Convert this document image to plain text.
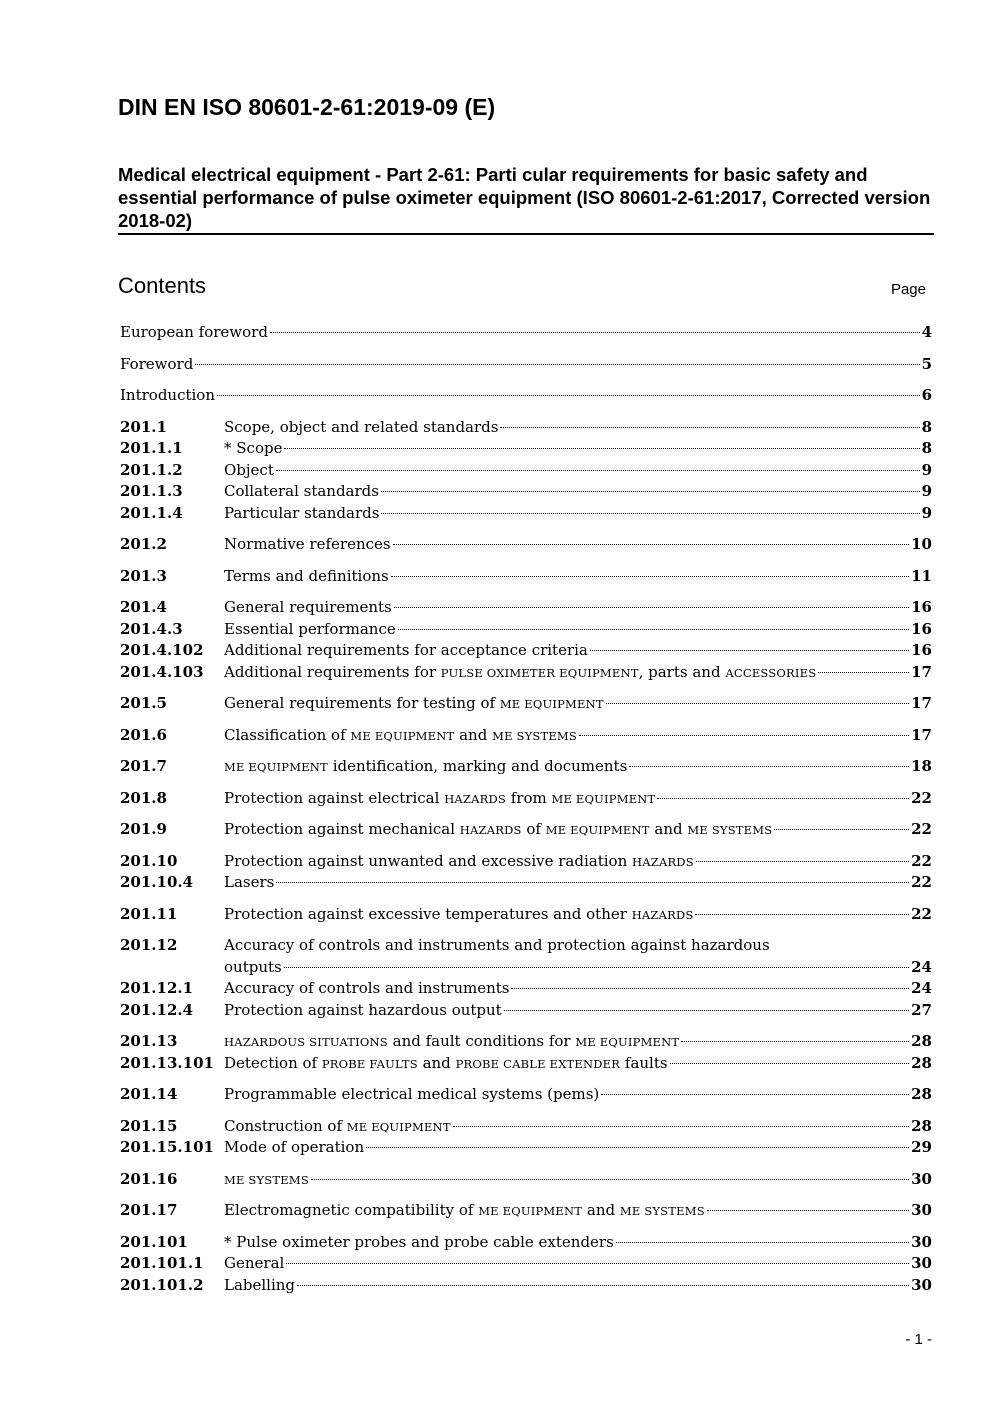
DIN EN ISO 80601-2-61:2019-09 (E)

Medical electrical equipment - Part 2-61: Parti cular requirements for basic safety and essential performance of pulse oximeter equipment (ISO 80601-2-61:2017, Corrected version 2018-02)

Contents	Page
European foreword	4
Foreword	5
Introduction	6
201.1	Scope, object and related standards	8
201.1.1	* Scope	8
201.1.2	Object	9
201.1.3	Collateral standards	9
201.1.4	Particular standards	9
201.2	Normative references	10
201.3	Terms and definitions	11
201.4	General requirements	16
201.4.3	Essential performance	16
201.4.102	Additional requirements for acceptance criteria	16
201.4.103	Additional requirements for PULSE OXIMETER EQUIPMENT, parts and ACCESSORIES	17
201.5	General requirements for testing of ME EQUIPMENT	17
201.6	Classification of ME EQUIPMENT and ME SYSTEMS	17
201.7	ME EQUIPMENT identification, marking and documents	18
201.8	Protection against electrical HAZARDS from ME EQUIPMENT	22
201.9	Protection against mechanical HAZARDS of ME EQUIPMENT and ME SYSTEMS	22
201.10	Protection against unwanted and excessive radiation HAZARDS	22
201.10.4	Lasers	22
201.11	Protection against excessive temperatures and other HAZARDS	22
201.12	Accuracy of controls and instruments and protection against hazardous
outputs	24
201.12.1	Accuracy of controls and instruments	24
201.12.4	Protection against hazardous output	27
201.13	HAZARDOUS SITUATIONS and fault conditions for ME EQUIPMENT	28
201.13.101 Detection of PROBE FAULTS and PROBE CABLE EXTENDER faults	28
201.14	Programmable electrical medical systems (pems)	28
201.15	Construction of ME EQUIPMENT	28
201.15.101 Mode of operation	29
201.16	ME SYSTEMS	30
201.17	Electromagnetic compatibility of ME EQUIPMENT and ME SYSTEMS	30
201.101	* Pulse oximeter probes and probe cable extenders	30
201.101.1	General	30
201.101.2	Labelling	30
- 1 -
